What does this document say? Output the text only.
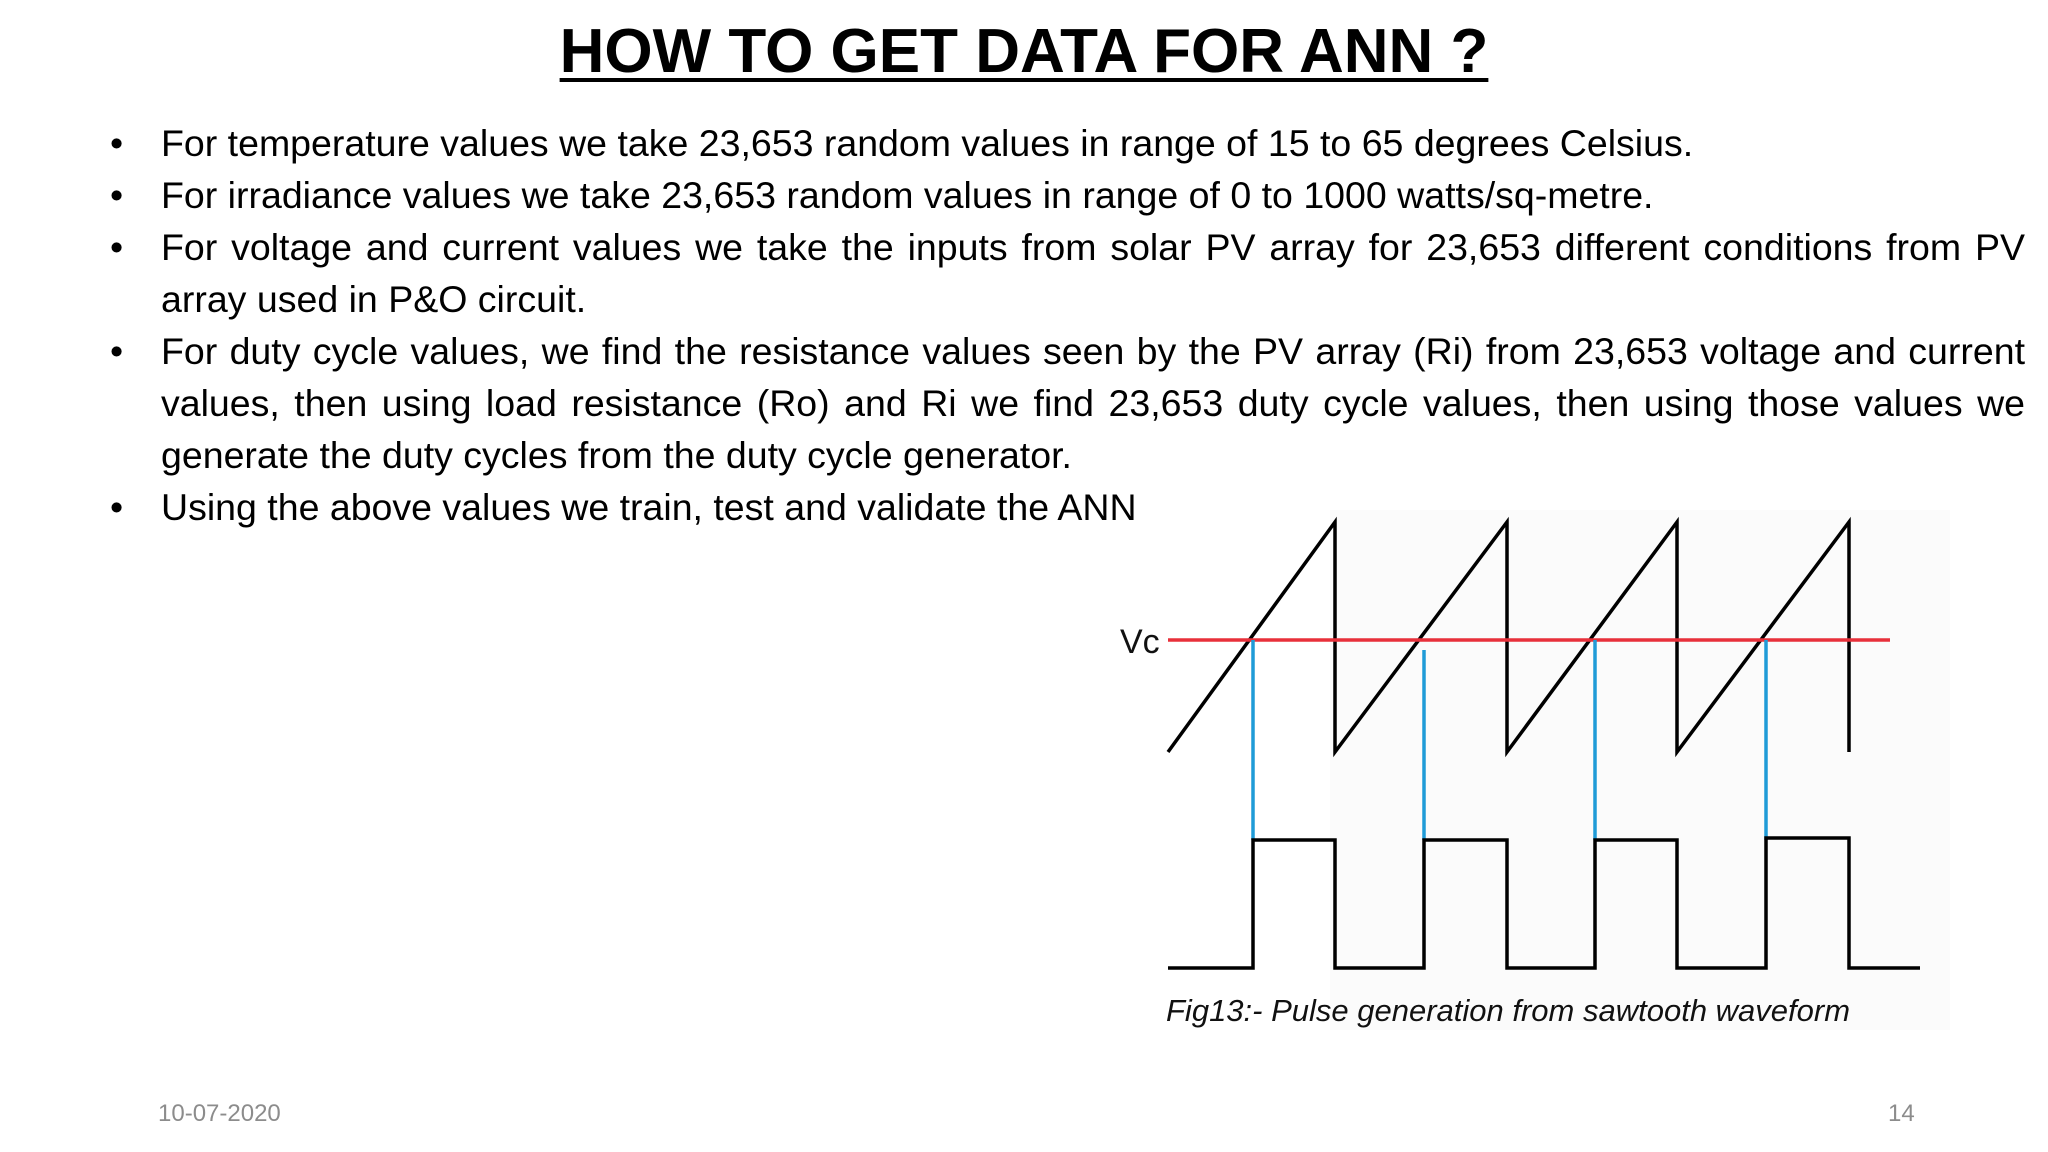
HOW TO GET DATA FOR ANN ?
•	For temperature values we take 23,653 random values in range of 15 to 65 degrees Celsius.
•	For irradiance values we take 23,653 random values in range of 0 to 1000 watts/sq-metre.
•	For voltage and current values we take the inputs from solar PV array for 23,653 different conditions from PV array used in P&O circuit.
•	For duty cycle values, we find the resistance values seen by the PV array (Ri) from 23,653 voltage and current values, then using load resistance (Ro) and Ri we find 23,653 duty cycle values, then using those values we generate the duty cycles from the duty cycle generator.
•	Using the above values we train, test and validate the ANN
Vc
Fig13:- Pulse generation from sawtooth waveform
10-07-2020	14
